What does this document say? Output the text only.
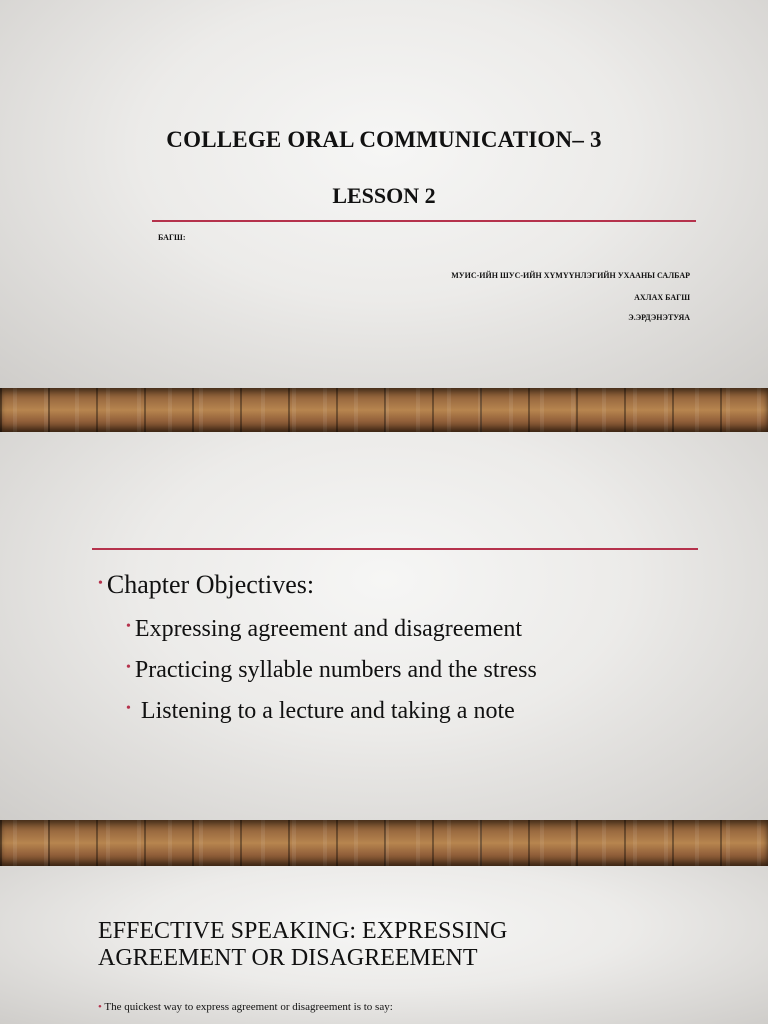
COLLEGE ORAL COMMUNICATION– 3
LESSON 2
БАГШ:
МУИС-ИЙН ШУС-ИЙН ХҮМҮҮНЛЭГИЙН УХААНЫ САЛБАР
АХЛАХ БАГШ
Э.ЭРДЭНЭТУЯА
• Chapter Objectives:
• Expressing agreement and disagreement
• Practicing syllable numbers and the stress
• Listening to a lecture and taking a note
EFFECTIVE SPEAKING: EXPRESSING
AGREEMENT OR DISAGREEMENT
• The quickest way to express agreement or disagreement is to say:
